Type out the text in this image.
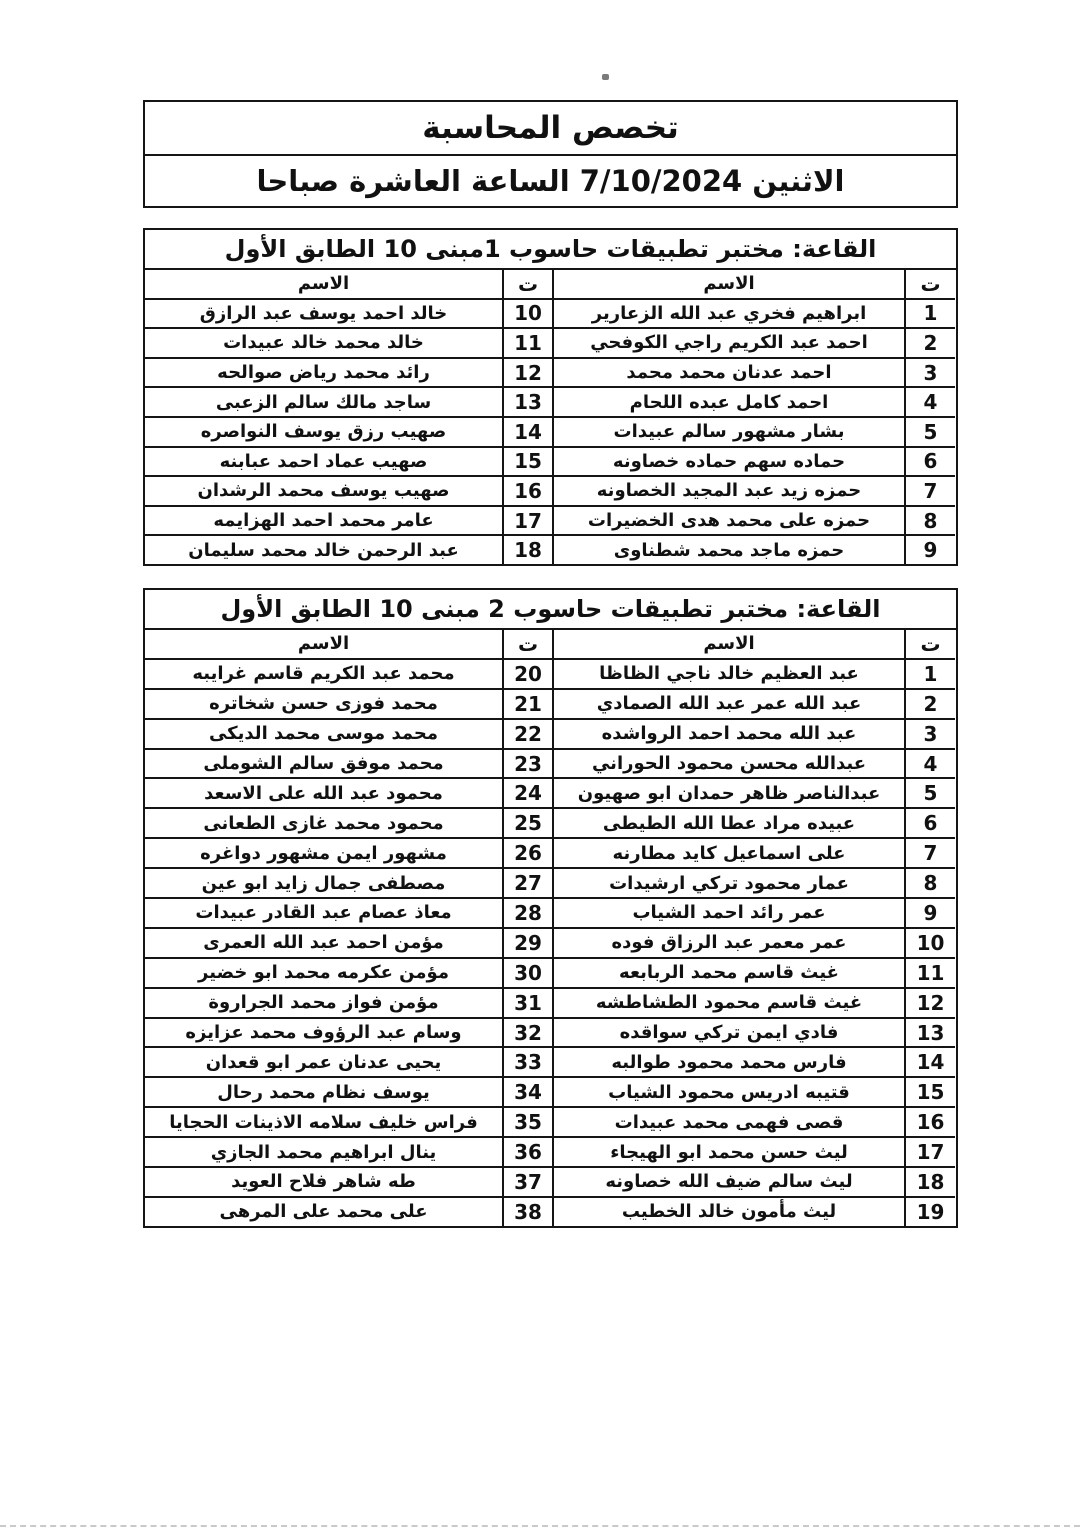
تخصص المحاسبة
الاثنين 7/10/2024 الساعة العاشرة صباحا
القاعة: مختبر تطبيقات حاسوب 1مبنى 10 الطابق الأول
الاسم	ت	الاسم	ت
خالد احمد يوسف عبد الرازق	10	ابراهيم فخري عبد الله الزعارير	1
خالد محمد خالد عبيدات	11	احمد عبد الكريم راجي الكوفحي	2
رائد محمد رياض صوالحه	12	احمد عدنان محمد محمد	3
ساجد مالك سالم الزعبى	13	احمد كامل عبده اللحام	4
صهيب رزق يوسف النواصره	14	بشار مشهور سالم عبيدات	5
صهيب عماد احمد عبابنه	15	حماده سهم حماده خصاونه	6
صهيب يوسف محمد الرشدان	16	حمزه زيد عبد المجيد الخصاونه	7
عامر محمد احمد الهزايمه	17	حمزه على محمد هدى الخضيرات	8
عبد الرحمن خالد محمد سليمان	18	حمزه ماجد محمد شطناوى	9
القاعة: مختبر تطبيقات حاسوب 2 مبنى 10 الطابق الأول
الاسم	ت	الاسم	ت
محمد عبد الكريم قاسم غرايبه	20	عبد العظيم خالد ناجي الظاظا	1
محمد فوزى حسن شخاتره	21	عبد الله عمر عبد الله الصمادي	2
محمد موسى محمد الديكى	22	عبد الله محمد احمد الرواشده	3
محمد موفق سالم الشوملى	23	عبدالله محسن محمود الحوراني	4
محمود عبد الله على الاسعد	24	عبدالناصر ظاهر حمدان ابو صهيون	5
محمود محمد غازى الطعانى	25	عبيده مراد عطا الله الطيطى	6
مشهور ايمن مشهور دواغره	26	على اسماعيل كايد مطارنه	7
مصطفى جمال زايد ابو عين	27	عمار محمود تركي ارشيدات	8
معاذ عصام عبد القادر عبيدات	28	عمر رائد احمد الشياب	9
مؤمن احمد عبد الله العمرى	29	عمر معمر عبد الرزاق فوده	10
مؤمن عكرمه محمد ابو خضير	30	غيث قاسم محمد الربابعه	11
مؤمن فواز محمد الجراروة	31	غيث قاسم محمود الطشاطشه	12
وسام عبد الرؤوف محمد عزايزه	32	فادي ايمن تركي سواقده	13
يحيى عدنان عمر ابو قعدان	33	فارس محمد محمود طوالبه	14
يوسف نظام محمد رحال	34	قتيبه ادريس محمود الشياب	15
فراس خليف سلامه الاذينات الحجايا	35	قصى فهمى محمد عبيدات	16
ينال ابراهيم محمد الجازي	36	ليث حسن محمد ابو الهيجاء	17
طه شاهر فلاح العويد	37	ليث سالم ضيف الله خصاونه	18
على محمد على المرهى	38	ليث مأمون خالد الخطيب	19
